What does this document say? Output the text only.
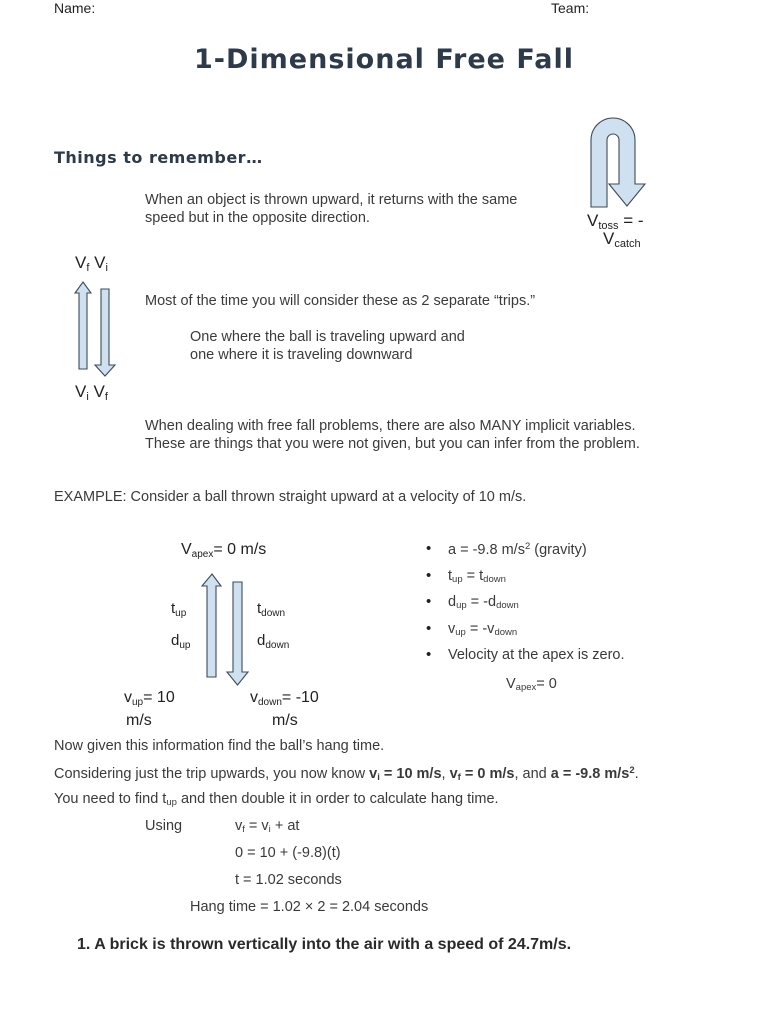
Name:	Team:
1-Dimensional Free Fall
Things to remember…
When an object is thrown upward, it returns with the same
speed but in the opposite direction.	$V_{toss}$ = -
$V_{catch}$
$V_f$ $V_i$
$V_i$ $V_f$
Most of the time you will consider these as 2 separate “trips.”
One where the ball is traveling upward and
one where it is traveling downward
When dealing with free fall problems, there are also MANY implicit variables.
These are things that you were not given, but you can infer from the problem.
EXAMPLE: Consider a ball thrown straight upward at a velocity of 10 m/s.
$V_{apex}= 0$ m/s
$t_{up}$
$d_{up}$
$t_{down}$
$d_{down}$
$v_{up}= 10$
m/s
$v_{down}= -10$
m/s
• a = -9.8 $m/s^2$ (gravity)
• $t_{up} = t_{down}$
• $d_{up} = -d_{down}$
• $v_{up} = -v_{down}$
• Velocity at the apex is zero.
$V_{apex}= 0$
Now given this information find the ball’s hang time.
Considering just the trip upwards, you now know $v_i = 10$ m/s, $v_f = 0$ m/s, and a = -9.8 $m/s^2$.
You need to find $t_{up}$ and then double it in order to calculate hang time.
Using	$v_f = v_i$ + at
0 = 10 + (-9.8)(t)
t = 1.02 seconds
Hang time = 1.02 × 2 = 2.04 seconds
1. A brick is thrown vertically into the air with a speed of 24.7m/s.
